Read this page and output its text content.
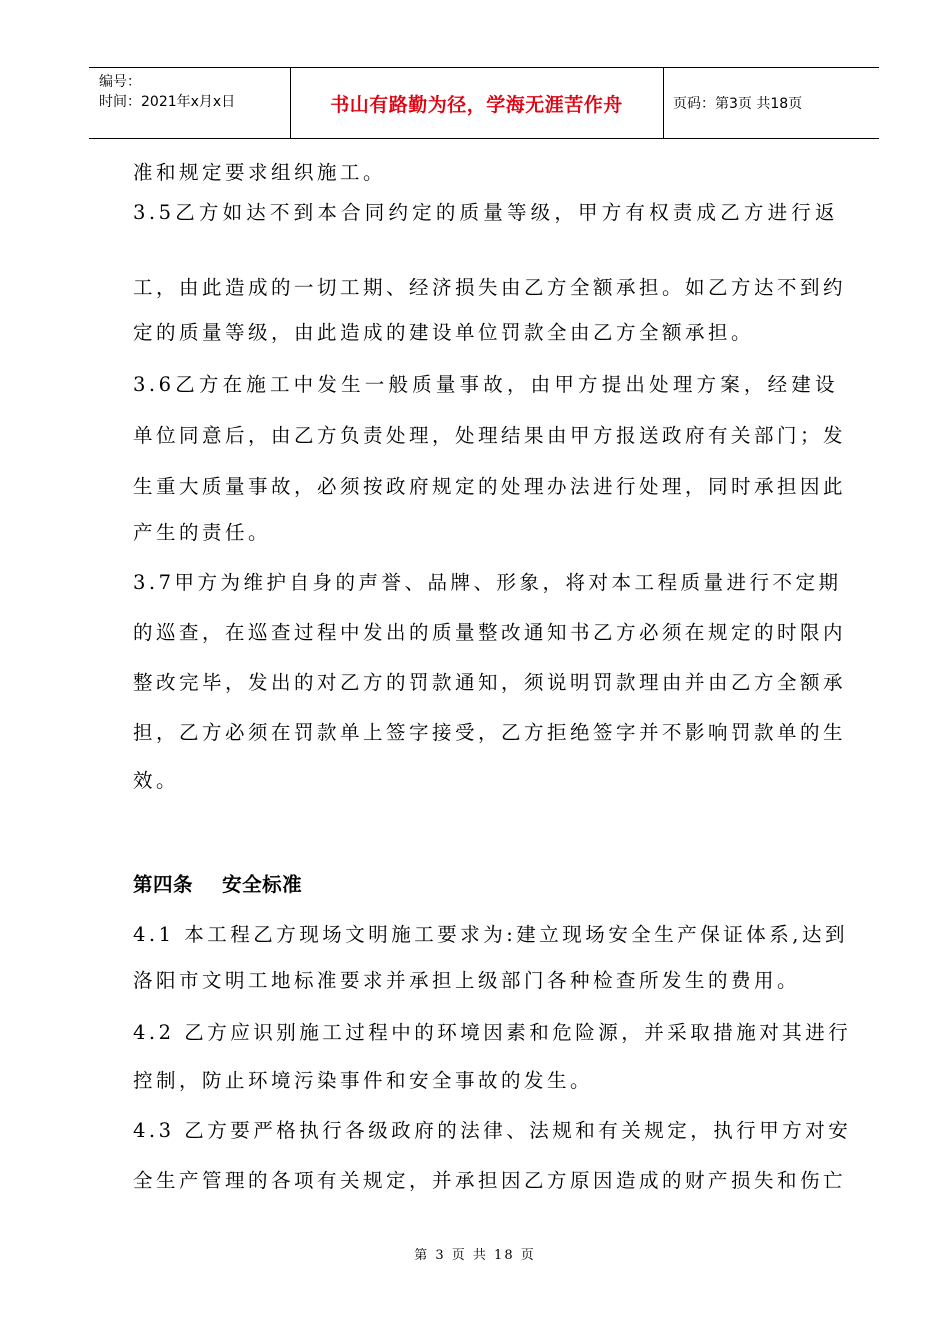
编号：
时间：2021年x月x日	书山有路勤为径，学海无涯苦作舟	页码：第3页 共18页
准和规定要求组织施工。
3.5乙方如达不到本合同约定的质量等级，甲方有权责成乙方进行返
工，由此造成的一切工期、经济损失由乙方全额承担。如乙方达不到约
定的质量等级，由此造成的建设单位罚款全由乙方全额承担。
3.6乙方在施工中发生一般质量事故，由甲方提出处理方案，经建设
单位同意后，由乙方负责处理，处理结果由甲方报送政府有关部门；发
生重大质量事故，必须按政府规定的处理办法进行处理，同时承担因此
产生的责任。
3.7甲方为维护自身的声誉、品牌、形象，将对本工程质量进行不定期
的巡查，在巡查过程中发出的质量整改通知书乙方必须在规定的时限内
整改完毕，发出的对乙方的罚款通知，须说明罚款理由并由乙方全额承
担，乙方必须在罚款单上签字接受，乙方拒绝签字并不影响罚款单的生
效。
第四条    安全标准
4.1 本工程乙方现场文明施工要求为:建立现场安全生产保证体系,达到
洛阳市文明工地标准要求并承担上级部门各种检查所发生的费用。
4.2 乙方应识别施工过程中的环境因素和危险源，并采取措施对其进行
控制，防止环境污染事件和安全事故的发生。
4.3 乙方要严格执行各级政府的法律、法规和有关规定，执行甲方对安
全生产管理的各项有关规定，并承担因乙方原因造成的财产损失和伤亡
第 3 页 共 18 页
